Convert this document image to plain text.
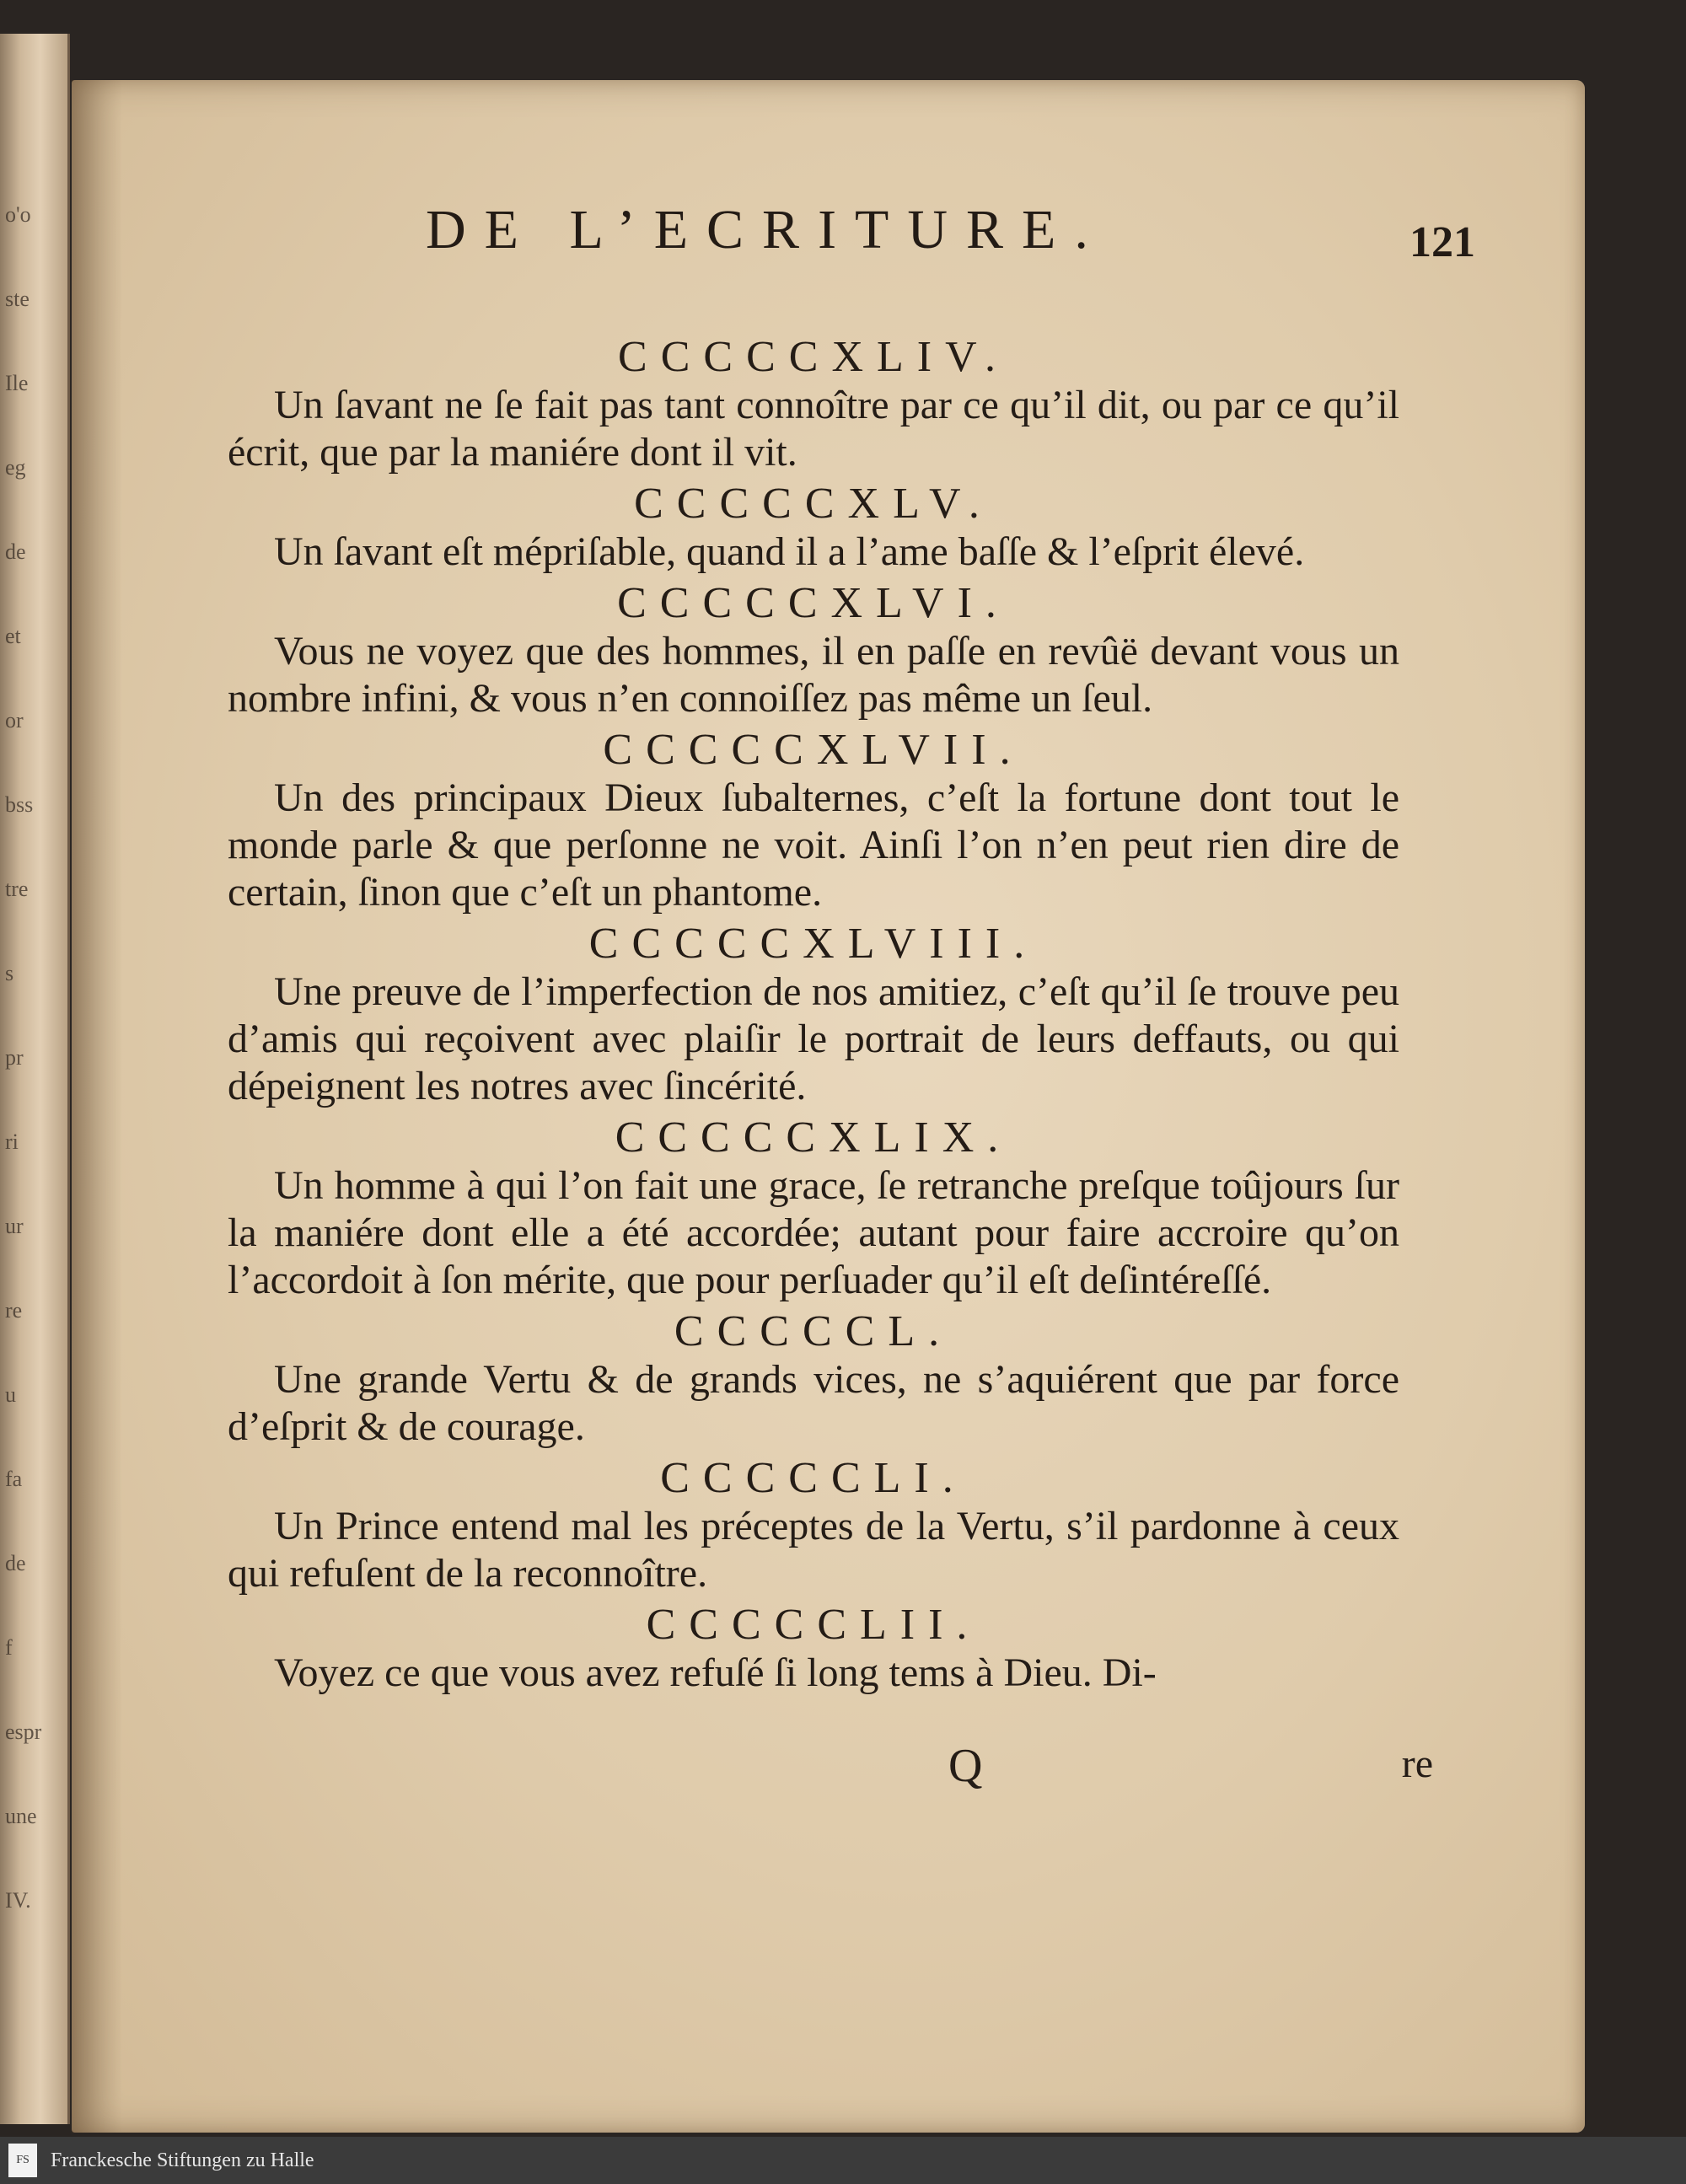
o'o
ste
Ile
eg
de
et
or
bss
tre
s
pr
ri
ur
re
u
fa
de
f
espr
une
IV.
DE L’ECRITURE.	121

CCCCCXLIV.

Un ſavant ne ſe fait pas tant connoître par ce qu’il dit, ou par ce qu’il écrit, que par la maniére dont il vit.

CCCCCXLV.

Un ſavant eſt mépriſable, quand il a l’ame baſſe & l’eſprit élevé.

CCCCCXLVI.

Vous ne voyez que des hommes, il en paſſe en revûë devant vous un nombre infini, & vous n’en connoiſſez pas même un ſeul.

CCCCCXLVII.

Un des principaux Dieux ſubalternes, c’eſt la fortune dont tout le monde parle & que perſonne ne voit. Ainſi l’on n’en peut rien dire de certain, ſinon que c’eſt un phantome.

CCCCCXLVIII.

Une preuve de l’imperfection de nos amitiez, c’eſt qu’il ſe trouve peu d’amis qui reçoivent avec plaiſir le portrait de leurs deffauts, ou qui dépeignent les notres avec ſincérité.

CCCCCXLIX.

Un homme à qui l’on fait une grace, ſe retranche preſque toûjours ſur la maniére dont elle a été accordée; autant pour faire accroire qu’on l’accordoit à ſon mérite, que pour perſuader qu’il eſt deſintéreſſé.

CCCCCL.

Une grande Vertu & de grands vices, ne s’aquiérent que par force d’eſprit & de courage.

CCCCCLI.

Un Prince entend mal les préceptes de la Vertu, s’il pardonne à ceux qui refuſent de la reconnoître.

CCCCCLII.

Voyez ce que vous avez refuſé ſi long tems à Dieu. Di-

Q	re
FS	Franckesche Stiftungen zu Halle
